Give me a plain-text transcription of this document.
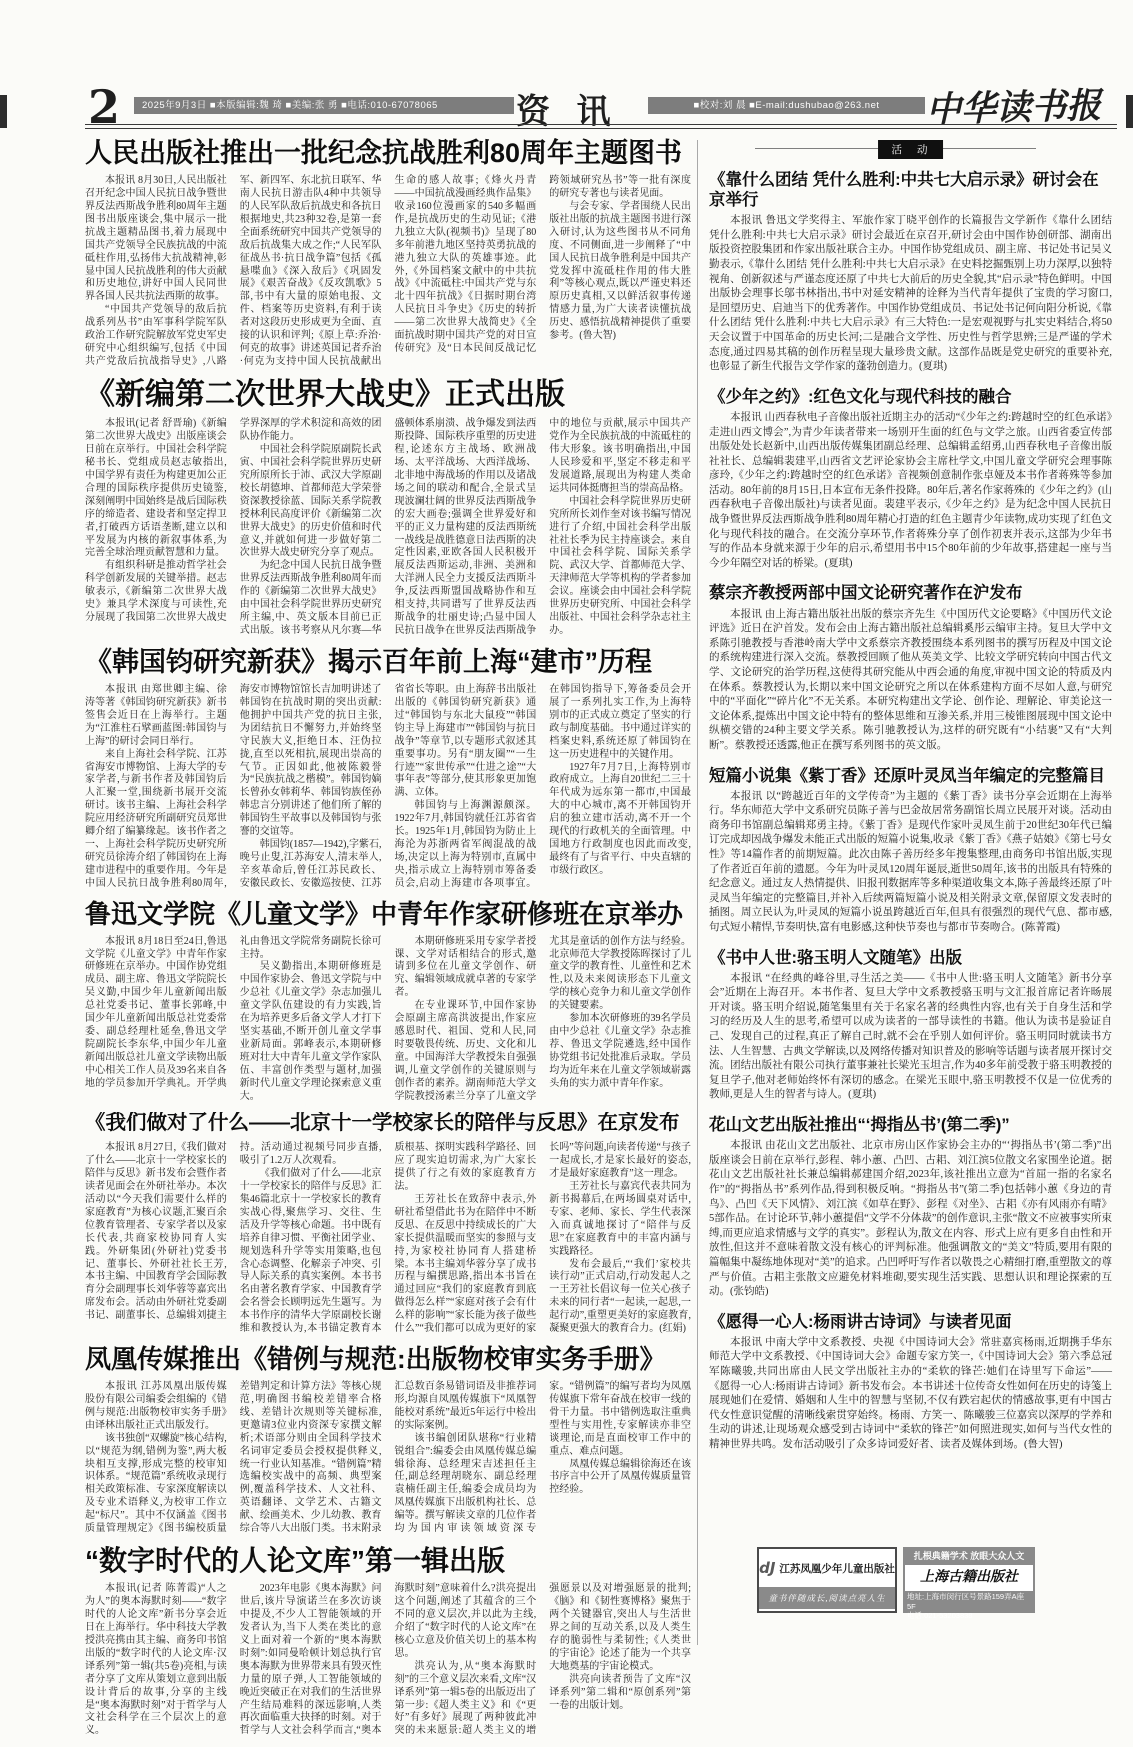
2	2025年9月3日 ■本版编辑:魏 琦 ■美编:张 勇 ■电话:010-67078065	资 讯	■校对:刘 晨 ■E-mail:dushubao@263.net	中华读书报
人民出版社推出一批纪念抗战胜利80周年主题图书

本报讯 8月30日,人民出版社召开纪念中国人民抗日战争暨世界反法西斯战争胜利80周年主题图书出版座谈会,集中展示一批抗战主题精品图书,着力展现中国共产党领导全民族抗战的中流砥柱作用,弘扬伟大抗战精神,彰显中国人民抗战胜利的伟大贡献和历史地位,讲好中国人民同世界各国人民共抗法西斯的故事。

“中国共产党领导的敌后抗战系列丛书”由军事科学院军队政治工作研究院解放军党史军史研究中心组织编写,包括《中国共产党敌后抗战指导史》,八路军、新四军、东北抗日联军、华南人民抗日游击队4种中共领导的人民军队敌后抗战史和各抗日根据地史,共23种32卷,是第一套全面系统研究中国共产党领导的敌后抗战集大成之作;“人民军队征战丛书·抗日战争篇”包括《孤悬喋血》《深入敌后》《巩固发展》《艰苦奋战》《反攻凯歌》5部,书中有大量的原始电报、文件、档案等历史资料,有利于读者对这段历史形成更为全面、直接的认识和评判;《原上草:乔治·何克的故事》讲述英国记者乔治·何克为支持中国人民抗战献出生命的感人故事;《烽火丹青——中国抗战漫画经典作品集》收录160位漫画家的540多幅画作,是抗战历史的生动见证;《港九独立大队(视频书)》呈现了80多年前港九地区坚持英勇抗战的港九独立大队的英雄事迹。此外,《外国档案文献中的中共抗战》《中流砥柱:中国共产党与东北十四年抗战》《日据时期台湾人民抗日斗争史》《历史的转折——第二次世界大战简史》《全面抗战时期中国共产党的对日宣传研究》及“日本民间反战记忆跨领域研究丛书”等一批有深度的研究专著也与读者见面。

与会专家、学者围绕人民出版社出版的抗战主题图书进行深入研讨,认为这些图书从不同角度、不同侧面,进一步阐释了“中国人民抗日战争胜利是中国共产党发挥中流砥柱作用的伟大胜利”等核心观点,既以严谨史料还原历史真相,又以鲜活叙事传递情感力量,为广大读者读懂抗战历史、感悟抗战精神提供了重要参考。(鲁大智)

《新编第二次世界大战史》正式出版

本报讯(记者 舒晋瑜)《新编第二次世界大战史》出版座谈会日前在京举行。中国社会科学院秘书长、党组成员赵志敏指出,中国学界有责任为构建更加公正合理的国际秩序提供历史镜鉴,深刻阐明中国始终是战后国际秩序的缔造者、建设者和坚定捍卫者,打破西方话语垄断,建立以和平发展为内核的新叙事体系,为完善全球治理贡献智慧和力量。

有组织科研是推动哲学社会科学创新发展的关键举措。赵志敏表示,《新编第二次世界大战史》兼具学术深度与可读性,充分展现了我国第二次世界大战史学界深厚的学术积淀和高效的团队协作能力。

中国社会科学院原副院长武寅、中国社会科学院世界历史研究所原所长于沛、武汉大学原副校长胡德坤、首都师范大学荣誉资深教授徐蓝、国际关系学院教授林利民高度评价《新编第二次世界大战史》的历史价值和时代意义,并就如何进一步做好第二次世界大战史研究分享了观点。

为纪念中国人民抗日战争暨世界反法西斯战争胜利80周年而作的《新编第二次世界大战史》由中国社会科学院世界历史研究所主编,中、英文版本目前已正式出版。该书考察从凡尔赛—华盛顿体系崩溃、战争爆发到法西斯投降、国际秩序重塑的历史进程,论述东方主战场、欧洲战场、太平洋战场、大西洋战场、北非地中海战场的作用以及诸战场之间的联动和配合,全景式呈现波澜壮阔的世界反法西斯战争的宏大画卷;强调全世界爱好和平的正义力量构建的反法西斯统一战线是战胜德意日法西斯的决定性因素,亚欧各国人民积极开展反法西斯运动,非洲、美洲和大洋洲人民全力支援反法西斯斗争,反法西斯盟国战略协作和互相支持,共同谱写了世界反法西斯战争的壮丽史诗;凸显中国人民抗日战争在世界反法西斯战争中的地位与贡献,展示中国共产党作为全民族抗战的中流砥柱的伟大形象。该书明确指出,中国人民珍爱和平,坚定不移走和平发展道路,展现出为构建人类命运共同体挺膺担当的崇高品格。

中国社会科学院世界历史研究所所长刘作奎对该书编写情况进行了介绍,中国社会科学出版社社长季为民主持座谈会。来自中国社会科学院、国际关系学院、武汉大学、首都师范大学、天津师范大学等机构的学者参加会议。座谈会由中国社会科学院世界历史研究所、中国社会科学出版社、中国社会科学杂志社主办。

《韩国钧研究新获》揭示百年前上海“建市”历程

本报讯 由郑世卿主编、徐涛等著《韩国钧研究新获》新书签售会近日在上海举行。主题为“江淮柱石擘画蓝图:韩国钧与上海”的研讨会同日举行。

来自上海社会科学院、江苏省海安市博物馆、上海大学的专家学者,与新书作者及韩国钧后人汇聚一堂,围绕新书展开交流研讨。该书主编、上海社会科学院应用经济研究所副研究员郑世卿介绍了编纂缘起。该书作者之一、上海社会科学院历史研究所研究员徐涛介绍了韩国钧在上海建市进程中的重要作用。今年是中国人民抗日战争胜利80周年,海安市博物馆馆长吉加明讲述了韩国钧在抗战时期的突出贡献:他拥护中国共产党的抗日主张,为团结抗日不懈努力,并始终坚守民族大义,拒绝日本、汪伪拉拢,直至以死相抗,展现出崇高的气节。正因如此,他被陈毅誉为“民族抗战之楷模”。韩国钧嫡长曾孙女韩莉华、韩国钧族侄孙韩忠言分别讲述了他们所了解的韩国钧生平故事以及韩国钧与张謇的交谊等。

韩国钧(1857—1942),字紫石,晚号止叟,江苏海安人,清末举人,辛亥革命后,曾任江苏民政长、安徽民政长、安徽巡按使、江苏省省长等职。由上海辞书出版社出版的《韩国钧研究新获》通过“韩国钧与东北大鼠疫”“韩国钧主导上海建市”“韩国钧与抗日战争”等章节,以专题形式叙述其重要事功。另有“朋友圈”“一生行迹”“家世传承”“仕进之途”“大事年表”等部分,使其形象更加饱满、立体。

韩国钧与上海渊源颇深。1922年7月,韩国钧就任江苏省省长。1925年1月,韩国钧为防止上海沦为苏浙两省军阀混战的战场,决定以上海为特别市,直属中央,指示成立上海特别市筹备委员会,启动上海建市各项事宜。在韩国钧指导下,筹备委员会开展了一系列扎实工作,为上海特别市的正式成立奠定了坚实的行政与制度基础。书中通过详实的档案史料,系统还原了韩国钧在这一历史进程中的关键作用。

1927年7月7日,上海特别市政府成立。上海自20世纪二三十年代成为远东第一都市,中国最大的中心城市,离不开韩国钧开启的独立建市活动,离不开一个现代的行政机关的全面管理。中国地方行政制度也因此而改变,最终有了与省平行、中央直辖的市级行政区。

鲁迅文学院《儿童文学》中青年作家研修班在京举办

本报讯 8月18日至24日,鲁迅文学院《儿童文学》中青年作家研修班在京举办。中国作协党组成员、副主席、鲁迅文学院院长吴义勤,中国少年儿童新闻出版总社党委书记、董事长郭峰,中国少年儿童新闻出版总社党委常委、副总经理杜延垒,鲁迅文学院副院长李东华,中国少年儿童新闻出版总社儿童文学读物出版中心相关工作人员及39名来自各地的学员参加开学典礼。开学典礼由鲁迅文学院常务副院长徐可主持。

吴义勤指出,本期研修班是中国作家协会、鲁迅文学院与中少总社《儿童文学》杂志加强儿童文学队伍建设的有力实践,旨在为培养更多后备文学人才打下坚实基础,不断开创儿童文学事业新局面。郭峰表示,本期研修班对壮大中青年儿童文学作家队伍、丰富创作类型与题材,加强新时代儿童文学理论探索意义重大。

本期研修班采用专家学者授课、文学对话相结合的形式,邀请到多位在儿童文学创作、研究、编辑领域成就卓著的专家学者。

在专业课环节,中国作家协会原副主席高洪波提出,作家应感恩时代、祖国、党和人民,同时要敬畏传统、历史、文化和儿童。中国海洋大学教授朱自强强调,儿童文学创作的关键原则与创作者的素养。湖南师范大学文学院教授汤素兰分享了儿童文学尤其是童话的创作方法与经验。北京师范大学教授陈晖探讨了儿童文学的教育性、儿童性和艺术性,以及未来阅读形态下儿童文学的核心竞争力和儿童文学创作的关键要素。

参加本次研修班的39名学员由中少总社《儿童文学》杂志推荐、鲁迅文学院遴选,经中国作协党组书记处批准后录取。学员均为近年来在儿童文学领域崭露头角的实力派中青年作家。

《我们做对了什么——北京十一学校家长的陪伴与反思》在京发布

本报讯 8月27日,《我们做对了什么——北京十一学校家长的陪伴与反思》新书发布会暨作者读者见面会在外研社举办。本次活动以“今天我们需要什么样的家庭教育”为核心议题,汇聚百余位教育管理者、专家学者以及家长代表,共商家校协同育人实践。外研集团(外研社)党委书记、董事长、外研社社长王芳,本书主编、中国教育学会国际教育分会副理事长刘华蓉等嘉宾出席发布会。活动由外研社党委副书记、副董事长、总编辑刘捷主持。活动通过视频号同步直播,吸引了1.2万人次观看。

《我们做对了什么——北京十一学校家长的陪伴与反思》汇集46篇北京十一学校家长的教育实战心得,聚焦学习、交往、生活及升学等核心命题。书中既有培养自律习惯、平衡社团学业、规划选科升学等实用策略,也包含心态调整、化解亲子冲突、引导人际关系的真实案例。本书书名由著名教育学家、中国教育学会名誉会长顾明远先生题写。为本书作序的清华大学原副校长谢维和教授认为,本书锚定教育本质根基、探明实践科学路径、回应了现实迫切需求,为广大家长提供了行之有效的家庭教育方法。

王芳社长在致辞中表示,外研社希望借此书为在陪伴中不断反思、在反思中持续成长的广大家长提供温暖而坚实的参照与支持,为家校社协同育人搭建桥梁。本书主编刘华蓉分享了成书历程与编撰思路,指出本书旨在通过回应“我们的家庭教育到底做得怎么样”“家庭对孩子会有什么样的影响”“家长能为孩子做些什么”“我们都可以成为更好的家长吗”等问题,向读者传递“与孩子一起成长,才是家长最好的姿态,才是最好家庭教育”这一理念。

王芳社长与嘉宾代表共同为新书揭幕后,在两场圆桌对话中,专家、老师、家长、学生代表深入而真诚地探讨了“陪伴与反思”在家庭教育中的丰富内涵与实践路径。

发布会最后,“‘我们’家校共读行动”正式启动,行动发起人之一王芳社长倡议每一位关心孩子未来的同行者“一起读,一起思,一起行动”,重塑更美好的家庭教育,凝聚更强大的教育合力。(红娟)

凤凰传媒推出《错例与规范:出版物校审实务手册》

本报讯 江苏凤凰出版传媒股份有限公司编委会组编的《错例与规范:出版物校审实务手册》由译林出版社正式出版发行。

该书独创“双螺旋”核心结构,以“规范为纲,错例为鉴”,两大板块相互支撑,形成完整的校审知识体系。“规范篇”系统收录现行相关政策标准、专家深度解读以及专业术语释义,为校审工作立起“标尺”。其中不仅涵盖《图书质量管理规定》《图书编校质量差错判定和计算方法》等核心规范,明确图书编校差错率合格线、差错计次规则等关键标准,更邀请3位业内资深专家撰文解析;术语部分则由全国科学技术名词审定委员会授权提供释义,统一行业认知基准。“错例篇”精选编校实战中的高频、典型案例,覆盖科学技术、人文社科、英语翻译、文学艺术、古籍文献、绘画美术、少儿幼教、教育综合等八大出版门类。书末附录汇总数百条易错词语及非推荐词形,均源自凤凰传媒旗下“凤凰智能校对系统”最近5年运行中检出的实际案例。

该书编创团队堪称“行业精锐组合”:编委会由凤凰传媒总编辑徐海、总经理宋吉述担任主任,副总经理胡晓东、副总经理袁楠任副主任,编委会成员均为凤凰传媒旗下出版机构社长、总编等。撰写解读文章的几位作者均为国内审读领域资深专家。“错例篇”的编写者均为凤凰传媒旗下常年奋战在校审一线的骨干力量。书中错例选取注重典型性与实用性,专家解读亦非空谈理论,而是直面校审工作中的重点、难点问题。

凤凰传媒总编辑徐海还在该书序言中公开了凤凰传媒质量管控经验。

“数字时代的人论文库”第一辑出版

本报讯(记者 陈菁霞)“人之为人”的奥本海默时刻——“数字时代的人论文库”新书分享会近日在上海举行。华中科技大学教授洪亮携由其主编、商务印书馆出版的“数字时代的人论文库·汉译系列”第一辑(共5卷)亮相,与读者分享了文库从策划立意到出版设计背后的故事,分享的主线是“奥本海默时刻”对于哲学与人文社会科学在三个层次上的意义。

2023年电影《奥本海默》问世后,该片导演诺兰在多次访谈中提及,不少人工智能领域的开发者认为,当下人类在类比的意义上面对着一个新的“奥本海默时刻”:如同曼哈顿计划总执行官奥本海默为世界带来具有毁灭性力量的原子弹,人工智能领域的晚近突破正在对我们的生活世界产生结局难料的深远影响,人类再次面临重大抉择的时刻。对于哲学与人文社会科学而言,“奥本海默时刻”意味着什么?洪亮提出这个问题,阐述了其蕴含的三个不同的意义层次,并以此为主线,介绍了“数字时代的人论文库”在核心立意及价值关切上的基本构思。

洪亮认为,从“奥本海默时刻”的三个意义层次来看,文库“汉译系列”第一辑5卷的出版迈出了第一步:《超人类主义》和《“更好”有多好》展现了两种彼此冲突的未来愿景:超人类主义的增强愿景以及对增强愿景的批判;《脑》和《韧性赛博格》聚焦于两个关键器官,突出人与生活世界之间的互动关系,以及人类生存的脆弱性与柔韧性;《人类世的宇宙论》论述了能为一个共享大地奠基的宇宙论模式。

洪亮向读者预告了文库“汉译系列”第二辑和“原创系列”第一卷的出版计划。

活 动
《靠什么团结 凭什么胜利:中共七大启示录》研讨会在京举行

本报讯 鲁迅文学奖得主、军旅作家丁晓平创作的长篇报告文学新作《靠什么团结 凭什么胜利:中共七大启示录》研讨会最近在京召开,研讨会由中国作协创研部、湖南出版投资控股集团和作家出版社联合主办。中国作协党组成员、副主席、书记处书记吴义勤表示,《靠什么团结 凭什么胜利:中共七大启示录》在史料挖掘甄别上功力深厚,以独特视角、创新叙述与严谨态度还原了中共七大前后的历史全貌,其“启示录”特色鲜明。中国出版协会理事长邬书林指出,书中对延安精神的诠释为当代青年提供了宝贵的学习窗口,是回望历史、启迪当下的优秀著作。中国作协党组成员、书记处书记何向阳分析说,《靠什么团结 凭什么胜利:中共七大启示录》有三大特色:一是宏观视野与扎实史料结合,将50天会议置于中国革命的历史长河;二是融合文学性、历史性与哲学思辨;三是严谨的学术态度,通过四易其稿的创作历程呈现大量珍贵文献。这部作品既是党史研究的重要补充,也彰显了新生代报告文学作家的蓬勃创造力。(夏琪)

《少年之约》:红色文化与现代科技的融合

本报讯 山西春秋电子音像出版社近期主办的活动“《少年之约:跨越时空的红色承诺》走进山西文博会”,为青少年读者带来一场别开生面的红色与文学之旅。山西省委宣传部出版处处长赵新中,山西出版传媒集团副总经理、总编辑孟绍勇,山西春秋电子音像出版社社长、总编辑裴建平,山西省文艺评论家协会主席杜学文,中国儿童文学研究会理事陈彦玲,《少年之约:跨越时空的红色承诺》音视频创意制作张卓娅及本书作者蒋殊等参加活动。80年前的8月15日,日本宣布无条件投降。80年后,著名作家蒋殊的《少年之约》(山西春秋电子音像出版社)与读者见面。裴建平表示,《少年之约》是为纪念中国人民抗日战争暨世界反法西斯战争胜利80周年精心打造的红色主题青少年读物,成功实现了红色文化与现代科技的融合。在交流分享环节,作者蒋殊分享了创作初衷并表示,这部为少年书写的作品本身就来源于少年的启示,希望用书中15个80年前的少年故事,搭建起一座与当今少年隔空对话的桥梁。(夏琪)

蔡宗齐教授两部中国文论研究著作在沪发布

本报讯 由上海古籍出版社出版的蔡宗齐先生《中国历代文论要略》《中国历代文论评选》近日在沪首发。发布会由上海古籍出版社总编辑奚彤云编审主持。复旦大学中文系陈引驰教授与香港岭南大学中文系蔡宗齐教授围绕本系列图书的撰写历程及中国文论的系统构建进行深入交流。蔡教授回顾了他从英美文学、比较文学研究转向中国古代文学、文论研究的治学历程,这使得其研究能从中西会通的角度,审视中国文论的特质及内在体系。蔡教授认为,长期以来中国文论研究之所以在体系建构方面不尽如人意,与研究中的“平面化”“碎片化”不无关系。本研究构建出文学论、创作论、理解论、审美论这一文论体系,提炼出中国文论中特有的整体思维和互渗关系,并用三棱锥图展现中国文论中纵横交错的24种主要文学关系。陈引驰教授认为,这样的研究既有“小结裹”又有“大判断”。蔡教授还透露,他正在撰写系列图书的英文版。

短篇小说集《紫丁香》还原叶灵凤当年编定的完整篇目

本报讯 以“跨越近百年的文学传奇”为主题的《紫丁香》读书分享会近期在上海举行。华东师范大学中文系研究员陈子善与巴金故居常务副馆长周立民展开对谈。活动由商务印书馆副总编辑郑勇主持。《紫丁香》是现代作家叶灵凤生前于20世纪30年代已编订完成却因战争爆发未能正式出版的短篇小说集,收录《紫丁香》《燕子姑娘》《第七号女性》等14篇作者的前期短篇。此次由陈子善历经多年搜集整理,由商务印书馆出版,实现了作者近百年前的遗愿。今年为叶灵凤120周年诞辰,逝世50周年,该书的出版具有特殊的纪念意义。通过友人热情提供、旧报刊数据库等多种渠道收集文本,陈子善最终还原了叶灵凤当年编定的完整篇目,并补入后续两篇短篇小说及相关附录文章,保留原文发表时的插图。周立民认为,叶灵凤的短篇小说虽跨越近百年,但具有很强烈的现代气息、都市感,句式短小精悍,节奏明快,富有电影感,这种快节奏也与都市节奏吻合。(陈菁霞)

《书中人世:骆玉明人文随笔》出版

本报讯 “在经典的峰谷里,寻生活之美——《书中人世:骆玉明人文随笔》新书分享会”近期在上海召开。本书作者、复旦大学中文系教授骆玉明与文汇报首席记者许旸展开对谈。骆玉明介绍说,随笔集里有关于名家名著的经典性内容,也有关于自身生活和学习的经历及人生的思考,希望可以成为读者的一部导读性的书籍。他认为读书是验证自己、发现自己的过程,真正了解自己时,就不会在乎别人如何评价。骆玉明同时就读书方法、人生智慧、古典文学解读,以及网络传播对知识普及的影响等话题与读者展开探讨交流。团结出版社有限公司执行董事兼社长梁光玉坦言,作为40多年前受教于骆玉明教授的复旦学子,他对老师始终怀有深切的感念。在梁光玉眼中,骆玉明教授不仅是一位优秀的教师,更是人生的智者与诗人。(夏琪)

花山文艺出版社推出“‘拇指丛书’(第二季)”

本报讯 由花山文艺出版社、北京市房山区作家协会主办的“‘拇指丛书’(第二季)”出版座谈会日前在京举行,彭程、韩小蕙、凸凹、古耜、刘江滨5位散文名家围坐论道。据花山文艺出版社社长兼总编辑郝建国介绍,2023年,该社推出立意为“首屈一指的名家名作”的“拇指丛书”系列作品,得到积极反响。“拇指丛书”(第二季)包括韩小蕙《身边的青鸟》、凸凹《天下风情》、刘江滨《如草在野》、彭程《对坐》、古耜《亦有风雨亦有晴》5部作品。在讨论环节,韩小蕙提倡“文学不分体裁”的创作意识,主张“散文不应被事实所束缚,而更应追求情感与文学的真实”。彭程认为,散文在内容、形式上应有更多自由性和开放性,但这并不意味着散文没有核心的评判标准。他强调散文的“美文”特质,要用有限的篇幅集中凝练地体现对“美”的追求。凸凹呼吁写作者以敬畏之心精细打磨,重塑散文的尊严与价值。古耜主张散文应避免材料堆砌,要实现生活实践、思想认识和理论探索的互动。(张钧皓)

《愿得一心人:杨雨讲古诗词》与读者见面

本报讯 中南大学中文系教授、央视《中国诗词大会》常驻嘉宾杨雨,近期携手华东师范大学中文系教授、《中国诗词大会》命题专家方笑一,《中国诗词大会》第六季总冠军陈曦骏,共同出席由人民文学出版社主办的“柔软的锋芒:她们在诗里写下命运”——《愿得一心人:杨雨讲古诗词》新书发布会。本书讲述十位传奇女性如何在历史的诗笺上展现她们在爱情、婚姻和人生中的智慧与坚韧,不仅有跌宕起伏的情感故事,更有中国古代女性意识觉醒的清晰线索贯穿始终。杨雨、方笑一、陈曦骏三位嘉宾以深厚的学养和生动的讲述,让现场观众感受到古诗词中“柔软的锋芒”如何照进现实,如何与当代女性的精神世界共鸣。发布活动吸引了众多诗词爱好者、读者及媒体到场。(鲁大智)

dJ 江苏凤凰少年儿童出版社
童书伴随成长,阅读点亮人生
扎根典籍学术 放眼大众人文
上海古籍出版社
地址:上海市闵行区号景路159弄A座5F
电话:021-53203838
